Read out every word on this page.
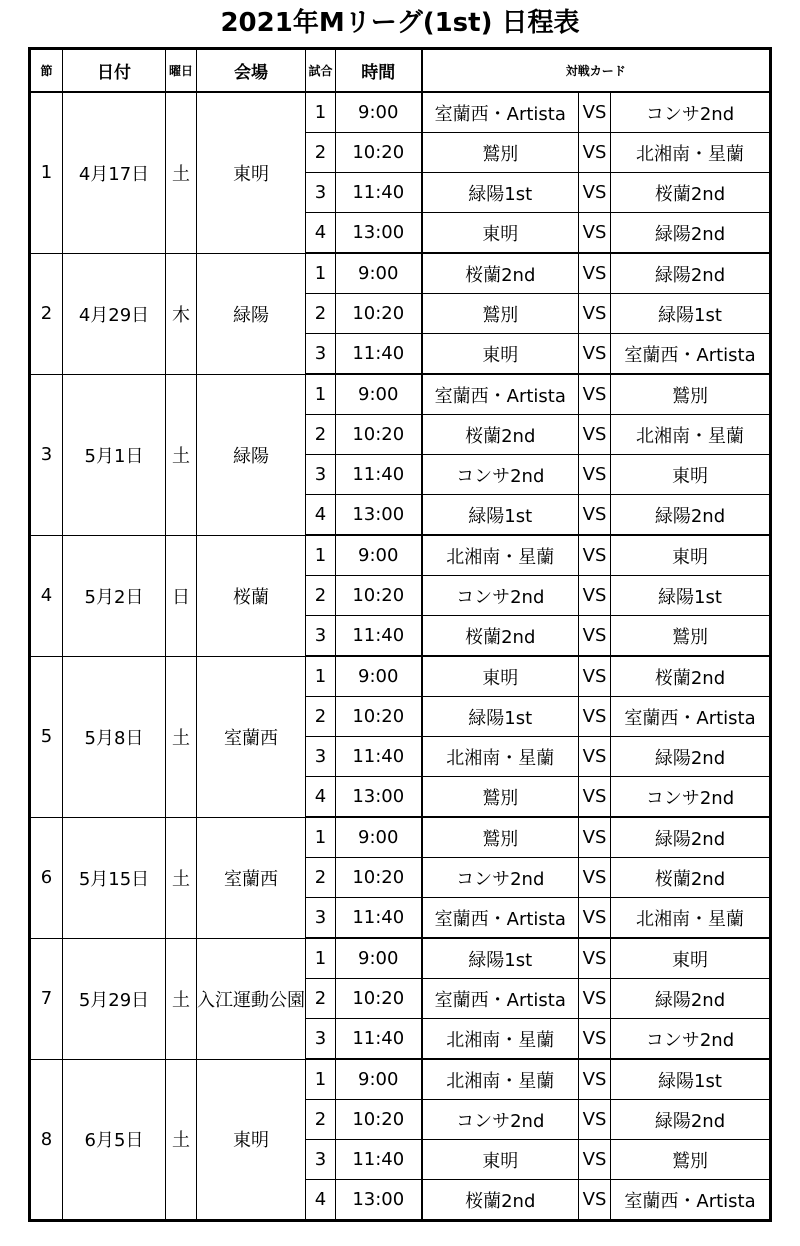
2021年Mリーグ(1st) 日程表
節	日付	曜日	会場	試合	時間	対戦カード		
1	4月17日	土	東明	1	9:00	室蘭西・Artista	VS	コンサ2nd
				2	10:20	鷲別	VS	北湘南・星蘭
				3	11:40	緑陽1st	VS	桜蘭2nd
				4	13:00	東明	VS	緑陽2nd
2	4月29日	木	緑陽	1	9:00	桜蘭2nd	VS	緑陽2nd
				2	10:20	鷲別	VS	緑陽1st
				3	11:40	東明	VS	室蘭西・Artista
3	5月1日	土	緑陽	1	9:00	室蘭西・Artista	VS	鷲別
				2	10:20	桜蘭2nd	VS	北湘南・星蘭
				3	11:40	コンサ2nd	VS	東明
				4	13:00	緑陽1st	VS	緑陽2nd
4	5月2日	日	桜蘭	1	9:00	北湘南・星蘭	VS	東明
				2	10:20	コンサ2nd	VS	緑陽1st
				3	11:40	桜蘭2nd	VS	鷲別
5	5月8日	土	室蘭西	1	9:00	東明	VS	桜蘭2nd
				2	10:20	緑陽1st	VS	室蘭西・Artista
				3	11:40	北湘南・星蘭	VS	緑陽2nd
				4	13:00	鷲別	VS	コンサ2nd
6	5月15日	土	室蘭西	1	9:00	鷲別	VS	緑陽2nd
				2	10:20	コンサ2nd	VS	桜蘭2nd
				3	11:40	室蘭西・Artista	VS	北湘南・星蘭
7	5月29日	土	入江運動公園	1	9:00	緑陽1st	VS	東明
				2	10:20	室蘭西・Artista	VS	緑陽2nd
				3	11:40	北湘南・星蘭	VS	コンサ2nd
8	6月5日	土	東明	1	9:00	北湘南・星蘭	VS	緑陽1st
				2	10:20	コンサ2nd	VS	緑陽2nd
				3	11:40	東明	VS	鷲別
				4	13:00	桜蘭2nd	VS	室蘭西・Artista
